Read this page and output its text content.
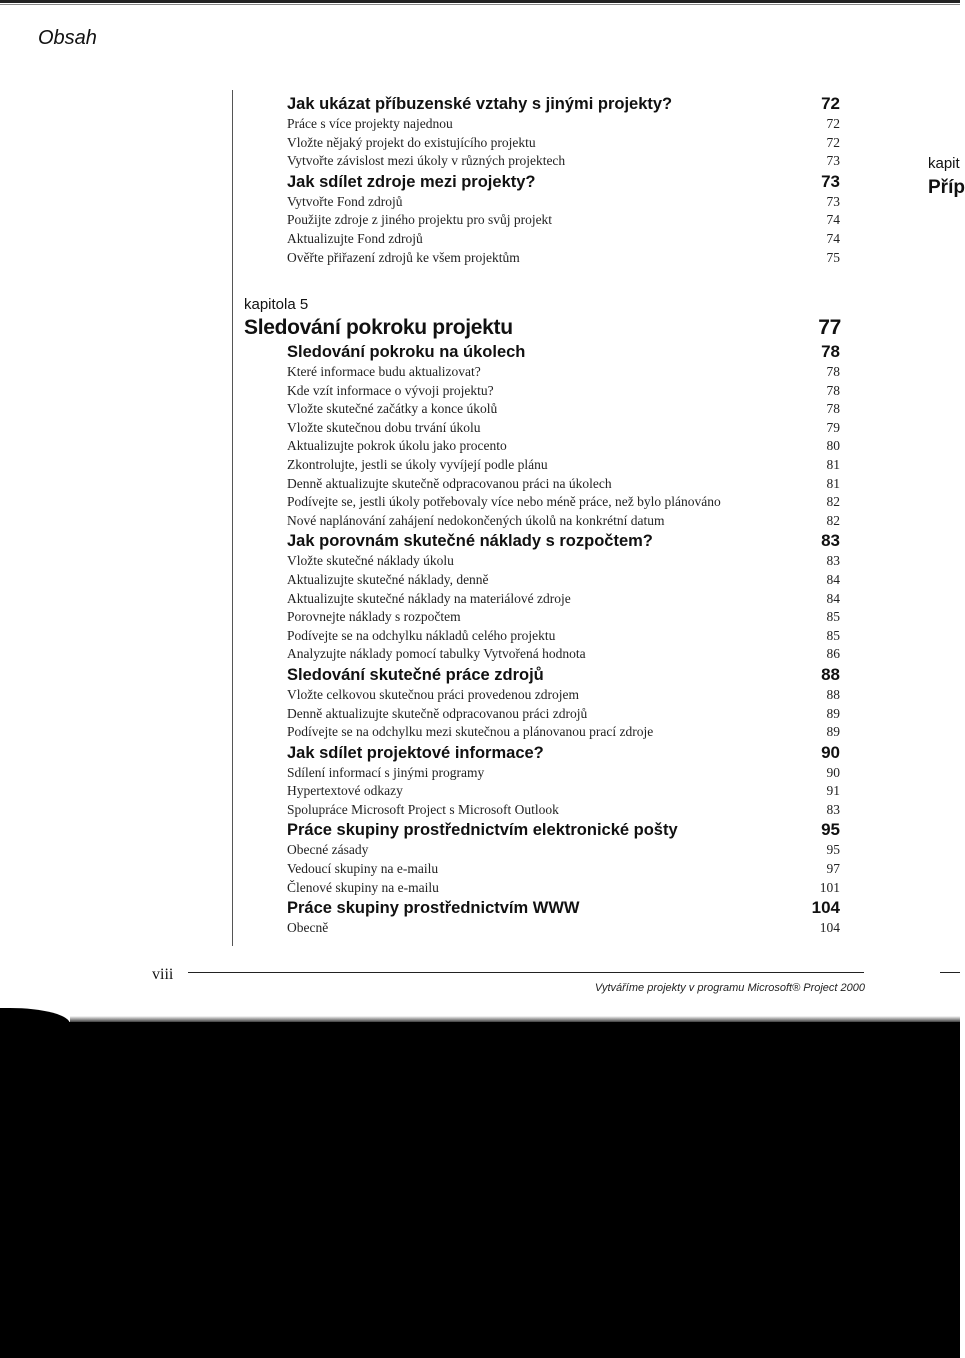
Obsah
kapit
Příp
Jak ukázat příbuzenské vztahy s jinými projekty?	72
Práce s více projekty najednou	72
Vložte nějaký projekt do existujícího projektu	72
Vytvořte závislost mezi úkoly v různých projektech	73
Jak sdílet zdroje mezi projekty?	73
Vytvořte Fond zdrojů	73
Použijte zdroje z jiného projektu pro svůj projekt	74
Aktualizujte Fond zdrojů	74
Ověřte přiřazení zdrojů ke všem projektům	75
kapitola 5
Sledování pokroku projektu	77
Sledování pokroku na úkolech	78
Které informace budu aktualizovat?	78
Kde vzít informace o vývoji projektu?	78
Vložte skutečné začátky a konce úkolů	78
Vložte skutečnou dobu trvání úkolu	79
Aktualizujte pokrok úkolu jako procento	80
Zkontrolujte, jestli se úkoly vyvíjejí podle plánu	81
Denně aktualizujte skutečně odpracovanou práci na úkolech	81
Podívejte se, jestli úkoly potřebovaly více nebo méně práce, než bylo plánováno	82
Nové naplánování zahájení nedokončených úkolů na konkrétní datum	82
Jak porovnám skutečné náklady s rozpočtem?	83
Vložte skutečné náklady úkolu	83
Aktualizujte skutečné náklady, denně	84
Aktualizujte skutečné náklady na materiálové zdroje	84
Porovnejte náklady s rozpočtem	85
Podívejte se na odchylku nákladů celého projektu	85
Analyzujte náklady pomocí tabulky Vytvořená hodnota	86
Sledování skutečné práce zdrojů	88
Vložte celkovou skutečnou práci provedenou zdrojem	88
Denně aktualizujte skutečně odpracovanou práci zdrojů	89
Podívejte se na odchylku mezi skutečnou a plánovanou prací zdroje	89
Jak sdílet projektové informace?	90
Sdílení informací s jinými programy	90
Hypertextové odkazy	91
Spolupráce Microsoft Project s Microsoft Outlook	83
Práce skupiny prostřednictvím elektronické pošty	95
Obecné zásady	95
Vedoucí skupiny na e-mailu	97
Členové skupiny na e-mailu	101
Práce skupiny prostřednictvím WWW	104
Obecně	104
viii
Vytváříme projekty v programu Microsoft® Project 2000
